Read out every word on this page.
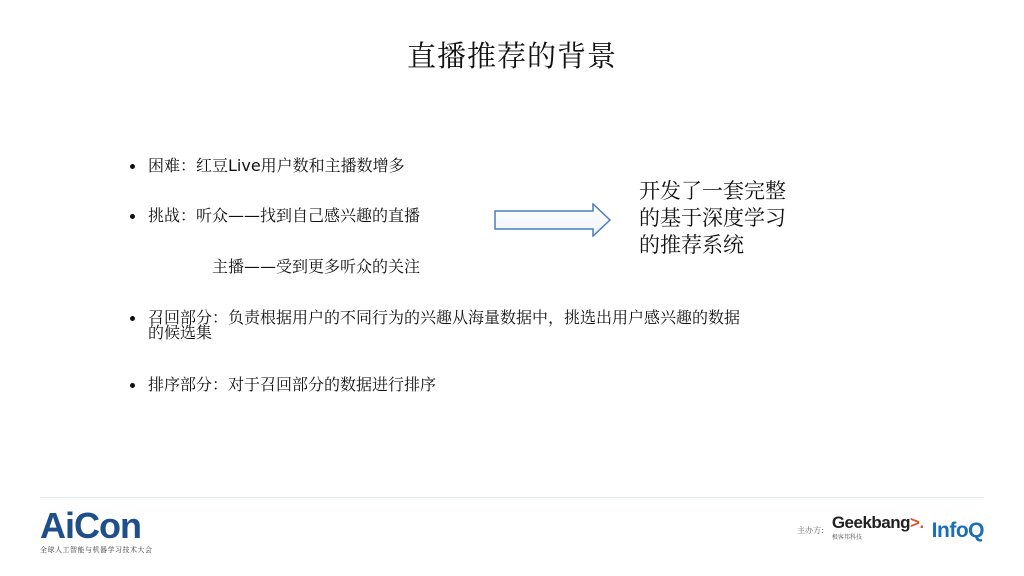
直播推荐的背景
困难：红豆Live用户数和主播数增多
挑战：听众——找到自己感兴趣的直播
主播——受到更多听众的关注
召回部分：负责根据用户的不同行为的兴趣从海量数据中，挑选出用户感兴趣的数据
的候选集
排序部分：对于召回部分的数据进行排序
开发了一套完整
的基于深度学习
的推荐系统
AiCon
全球人工智能与机器学习技术大会
主办方: Geekbang>.
极客邦科技	InfoQ
